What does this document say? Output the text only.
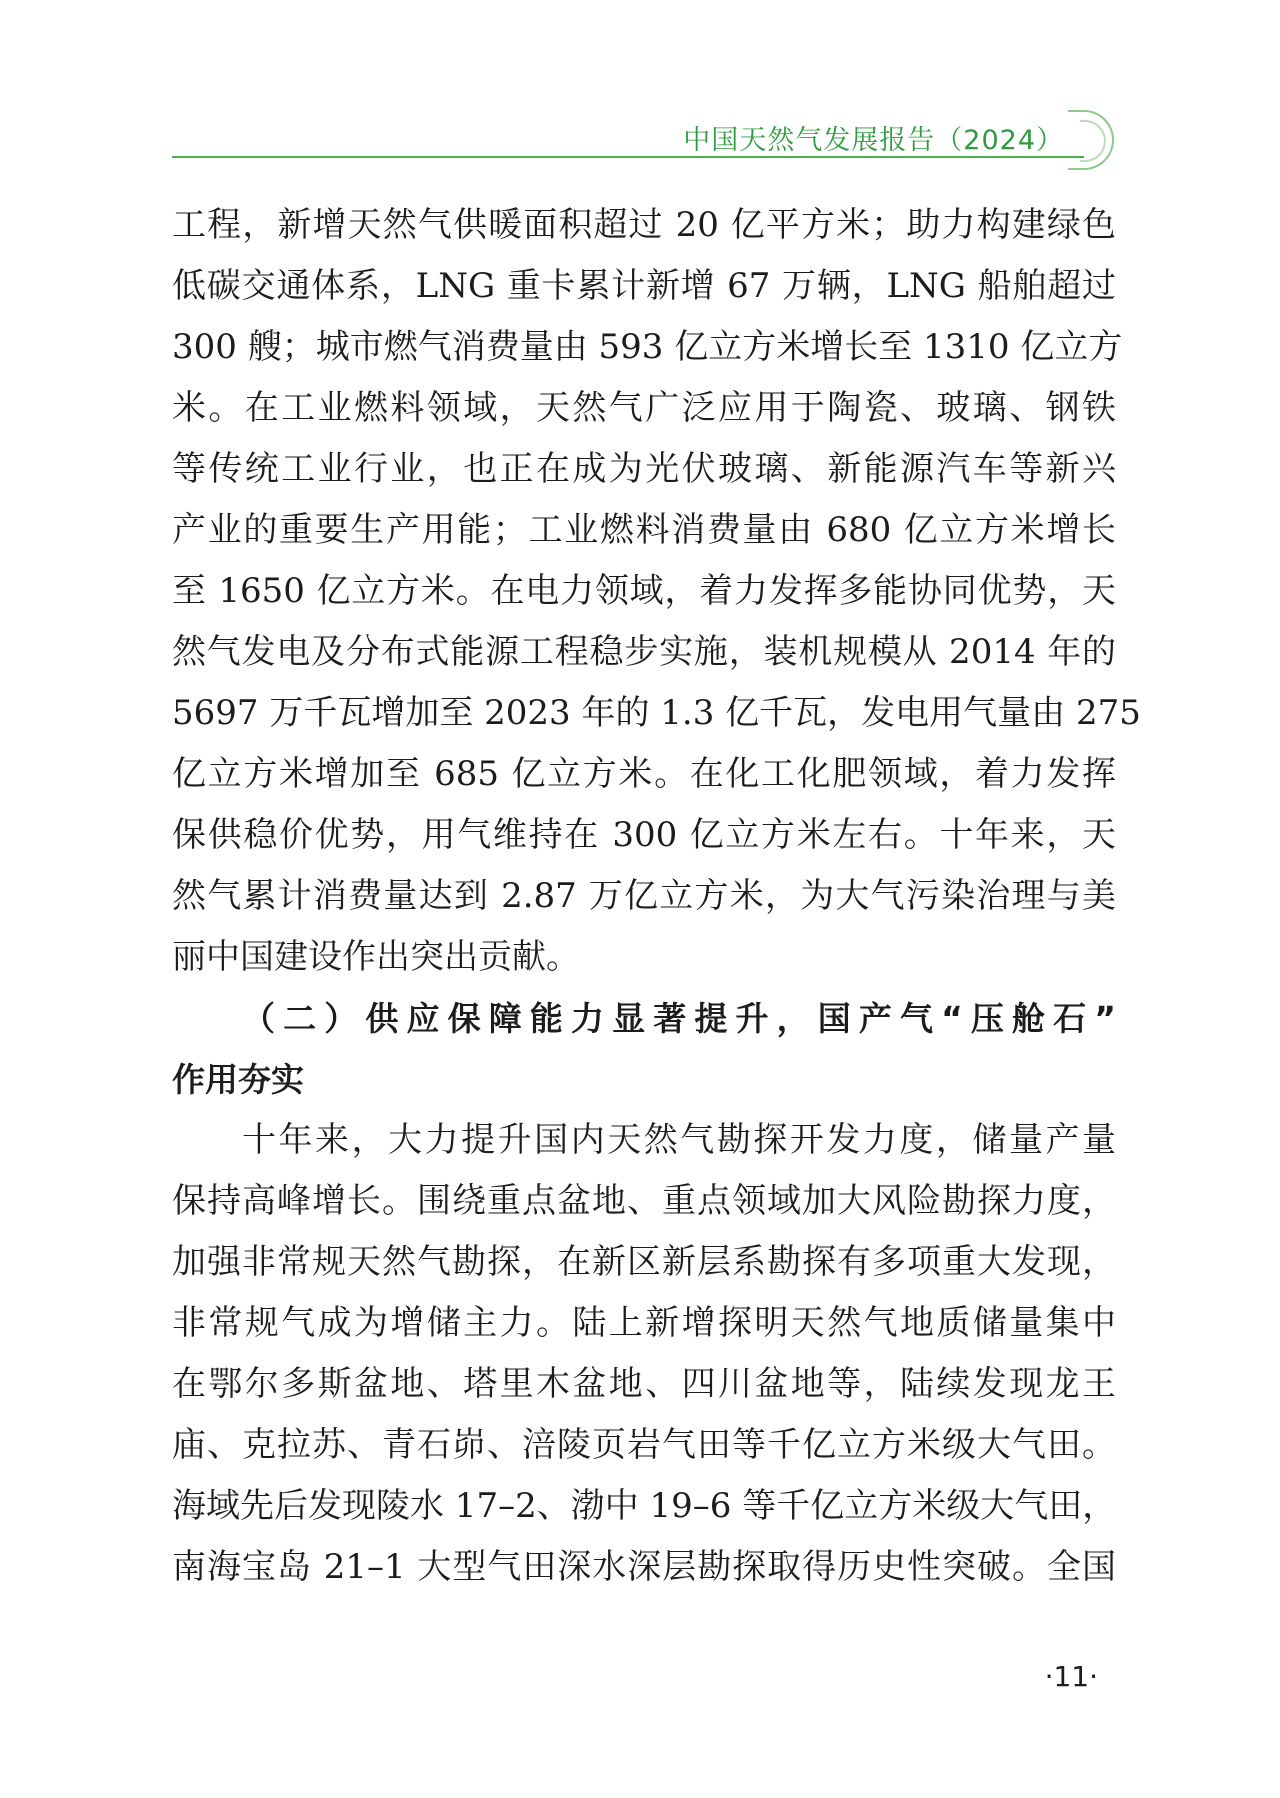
中国天然气发展报告（2024）
工程，新增天然气供暖面积超过 20 亿平方米；助力构建绿色
低碳交通体系，LNG 重卡累计新增 67 万辆，LNG 船舶超过
300 艘；城市燃气消费量由 593 亿立方米增长至 1310 亿立方
米。在工业燃料领域，天然气广泛应用于陶瓷、玻璃、钢铁
等传统工业行业，也正在成为光伏玻璃、新能源汽车等新兴
产业的重要生产用能；工业燃料消费量由 680 亿立方米增长
至 1650 亿立方米。在电力领域，着力发挥多能协同优势，天
然气发电及分布式能源工程稳步实施，装机规模从 2014 年的
5697 万千瓦增加至 2023 年的 1.3 亿千瓦，发电用气量由 275
亿立方米增加至 685 亿立方米。在化工化肥领域，着力发挥
保供稳价优势，用气维持在 300 亿立方米左右。十年来，天
然气累计消费量达到 2.87 万亿立方米，为大气污染治理与美
丽中国建设作出突出贡献。
（二）供应保障能力显著提升，国产气“压舱石”
作用夯实
十年来，大力提升国内天然气勘探开发力度，储量产量
保持高峰增长。围绕重点盆地、重点领域加大风险勘探力度，
加强非常规天然气勘探，在新区新层系勘探有多项重大发现，
非常规气成为增储主力。陆上新增探明天然气地质储量集中
在鄂尔多斯盆地、塔里木盆地、四川盆地等，陆续发现龙王
庙、克拉苏、青石峁、涪陵页岩气田等千亿立方米级大气田。
海域先后发现陵水 17–2、渤中 19–6 等千亿立方米级大气田，
南海宝岛 21–1 大型气田深水深层勘探取得历史性突破。全国
·11·
